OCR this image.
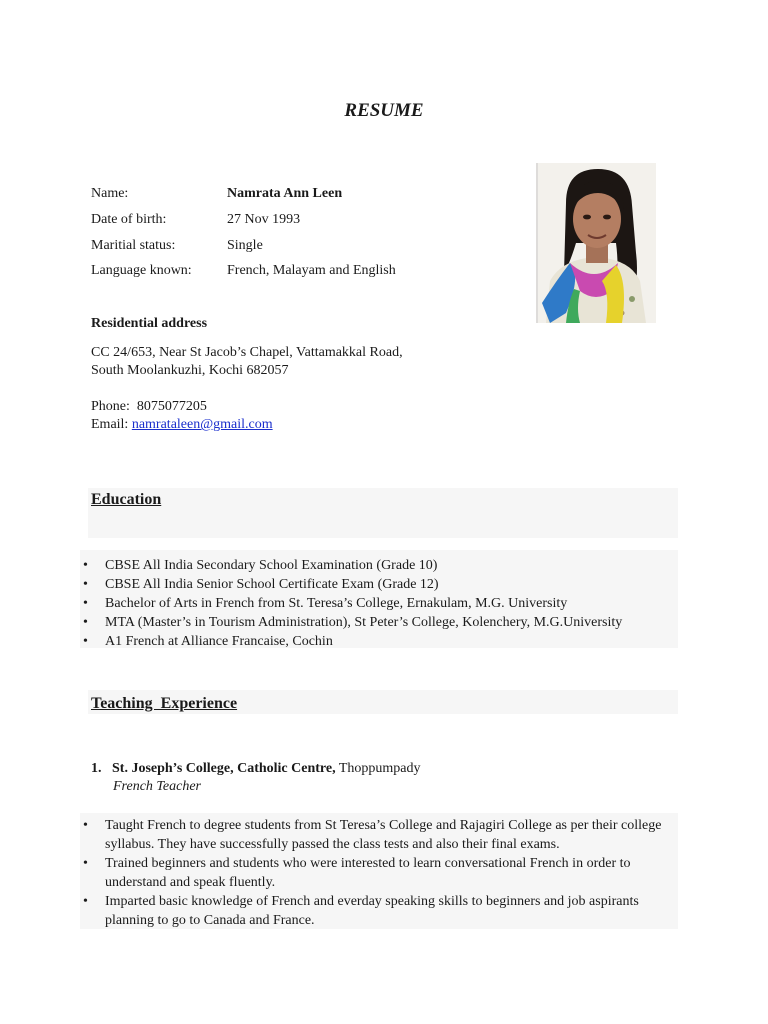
RESUME
Name:	Namrata Ann Leen
Date of birth:	27 Nov 1993
Maritial status:	Single
Language known:	French, Malayam and English
Residential address
CC 24/653, Near St Jacob’s Chapel, Vattamakkal Road,
South Moolankuzhi, Kochi 682057
Phone: 8075077205
Email: namrataleen@gmail.com
Education
• CBSE All India Secondary School Examination (Grade 10)
• CBSE All India Senior School Certificate Exam (Grade 12)
• Bachelor of Arts in French from St. Teresa’s College, Ernakulam, M.G. University
• MTA (Master’s in Tourism Administration), St Peter’s College, Kolenchery, M.G.University
• A1 French at Alliance Francaise, Cochin
Teaching  Experience
1. St. Joseph’s College, Catholic Centre, Thoppumpady
French Teacher
• Taught French to degree students from St Teresa’s College and Rajagiri College as per their college syllabus. They have successfully passed the class tests and also their final exams.
• Trained beginners and students who were interested to learn conversational French in order to understand and speak fluently.
• Imparted basic knowledge of French and everday speaking skills to beginners and job aspirants planning to go to Canada and France.
